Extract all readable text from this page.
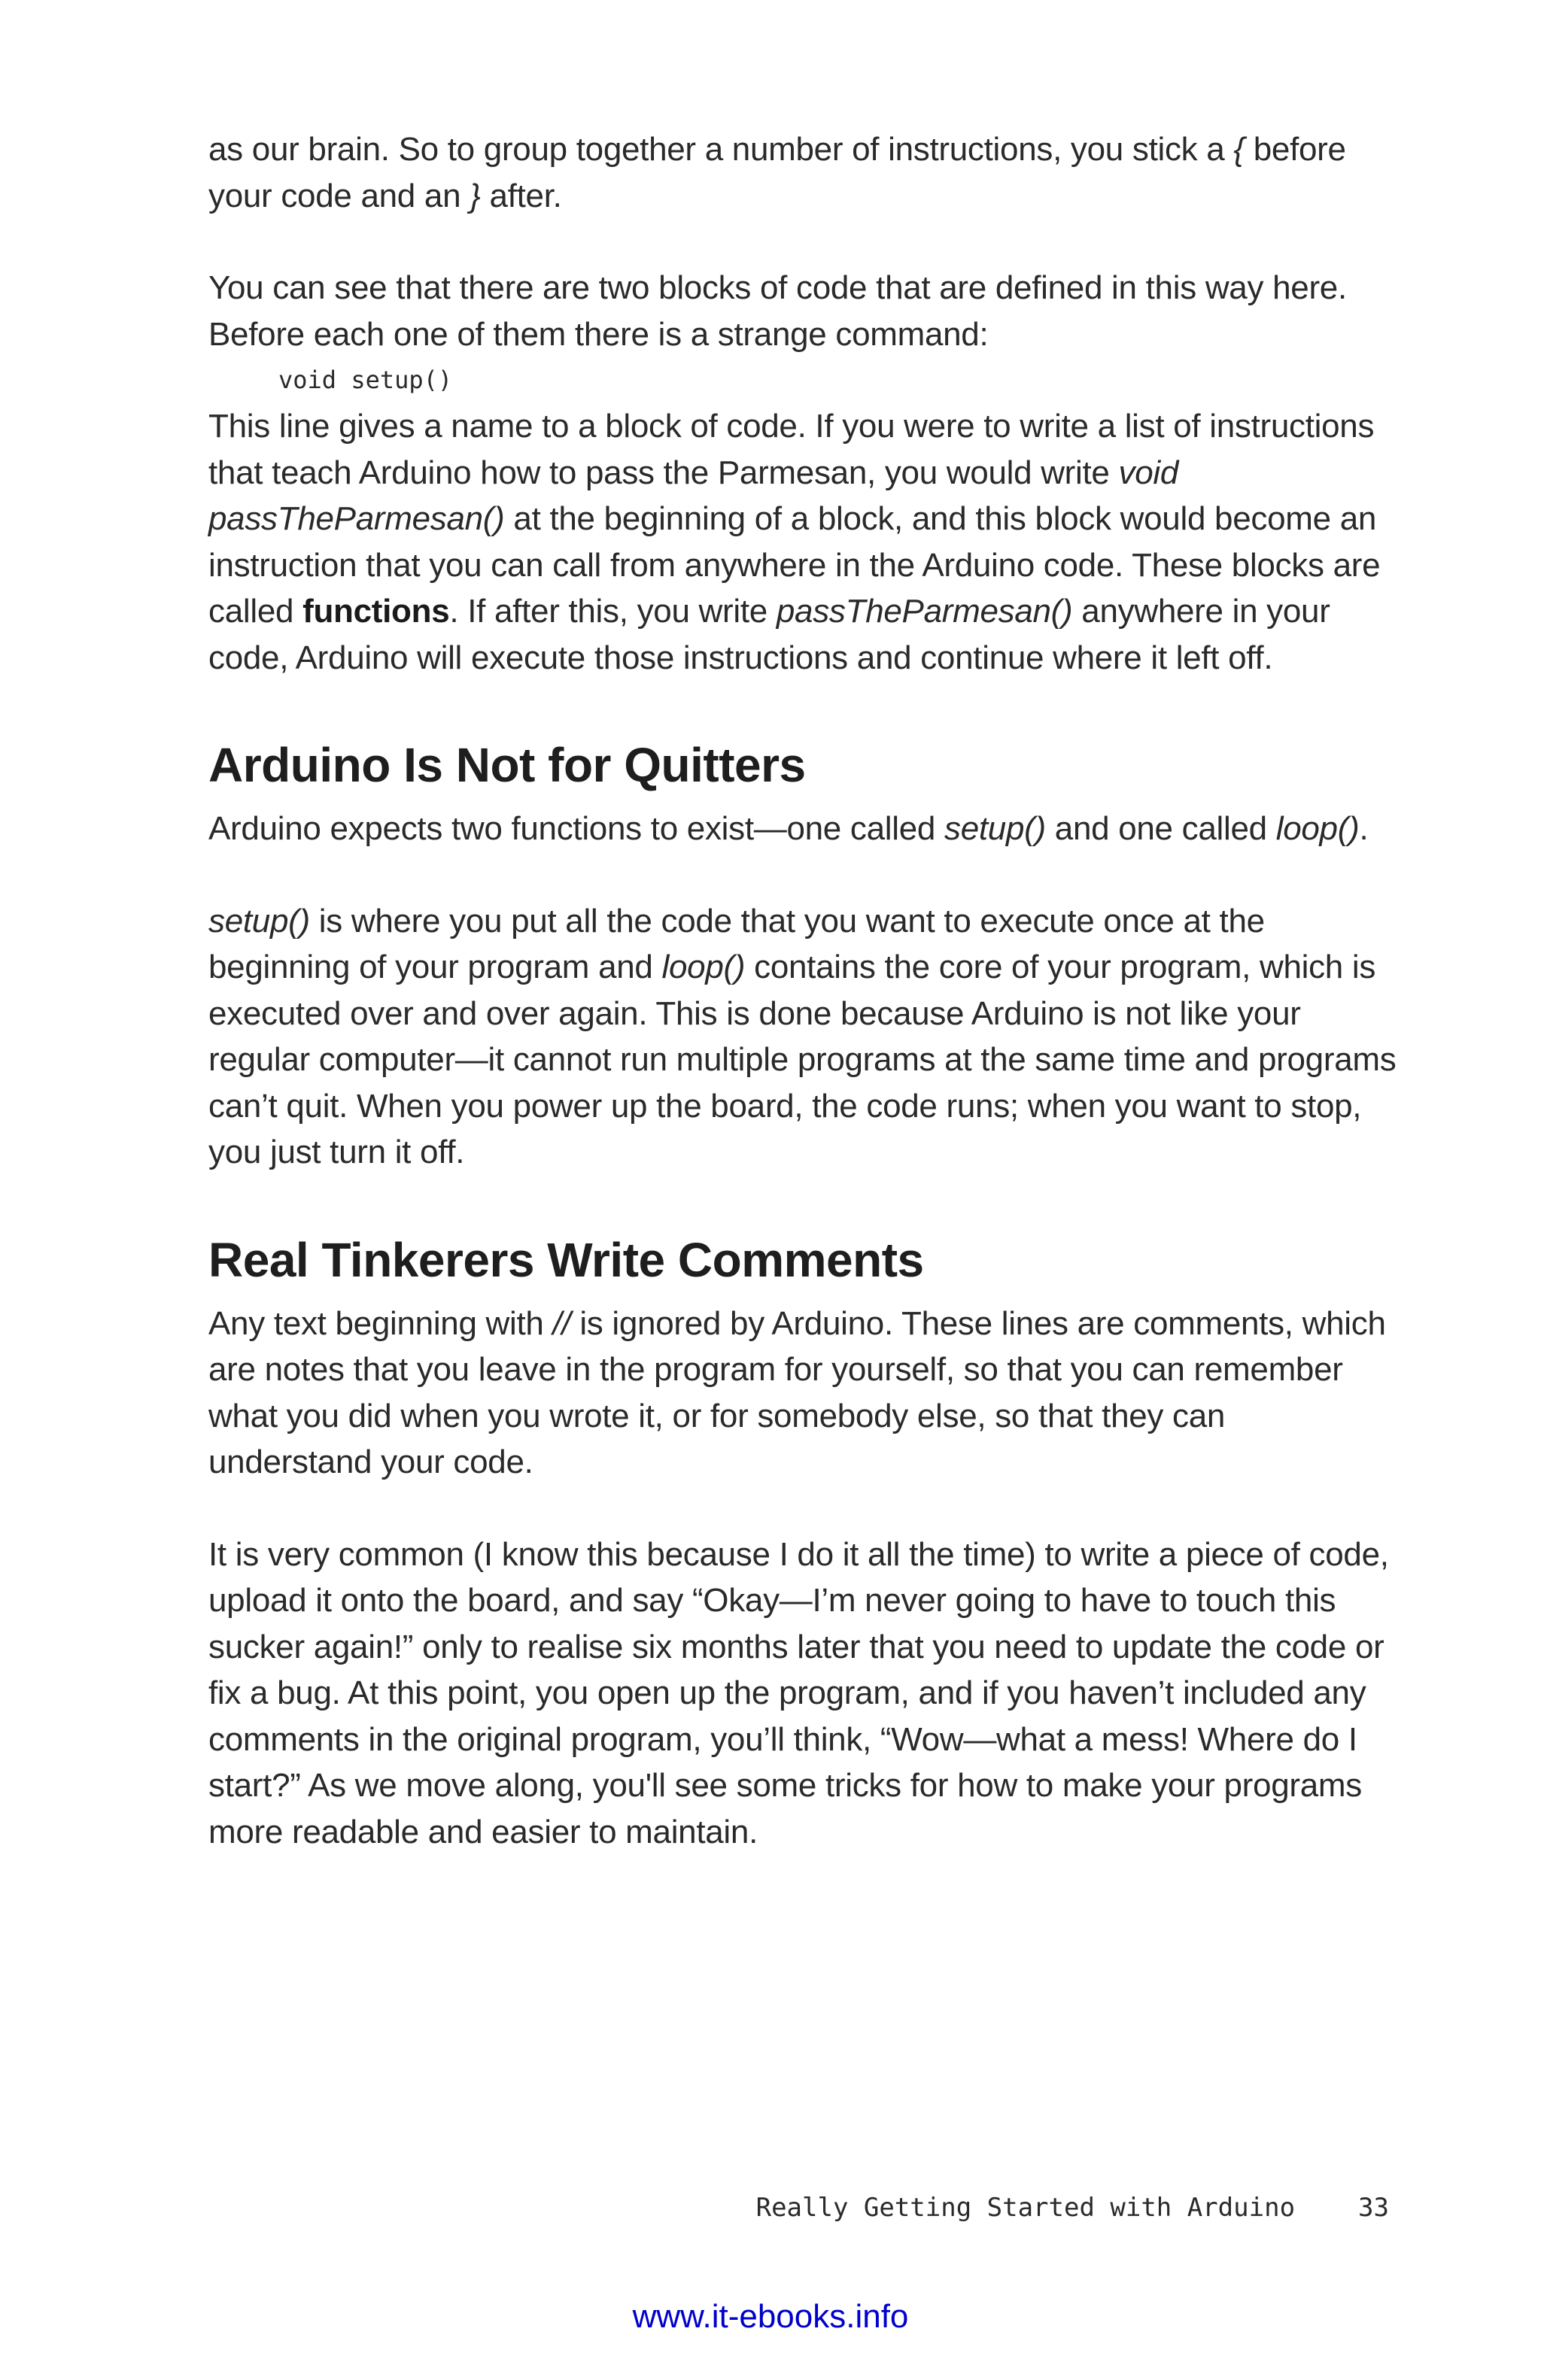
as our brain. So to group together a number of instructions, you stick a { before your code and an } after.

You can see that there are two blocks of code that are defined in this way here. Before each one of them there is a strange command:

void setup()

This line gives a name to a block of code. If you were to write a list of instructions that teach Arduino how to pass the Parmesan, you would write void passTheParmesan() at the beginning of a block, and this block would become an instruction that you can call from anywhere in the Arduino code. These blocks are called functions. If after this, you write passTheParmesan() anywhere in your code, Arduino will execute those instructions and continue where it left off.

Arduino Is Not for Quitters

Arduino expects two functions to exist—one called setup() and one called loop().

setup() is where you put all the code that you want to execute once at the beginning of your program and loop() contains the core of your program, which is executed over and over again. This is done because Arduino is not like your regular computer—it cannot run multiple programs at the same time and programs can’t quit. When you power up the board, the code runs; when you want to stop, you just turn it off.

Real Tinkerers Write Comments

Any text beginning with // is ignored by Arduino. These lines are comments, which are notes that you leave in the program for yourself, so that you can remember what you did when you wrote it, or for somebody else, so that they can understand your code.

It is very common (I know this because I do it all the time) to write a piece of code, upload it onto the board, and say “Okay—I’m never going to have to touch this sucker again!” only to realise six months later that you need to update the code or fix a bug. At this point, you open up the program, and if you haven’t included any comments in the original program, you’ll think, “Wow—what a mess! Where do I start?” As we move along, you'll see some tricks for how to make your programs more readable and easier to maintain.

Really Getting Started with Arduino 33
www.it-ebooks.info
